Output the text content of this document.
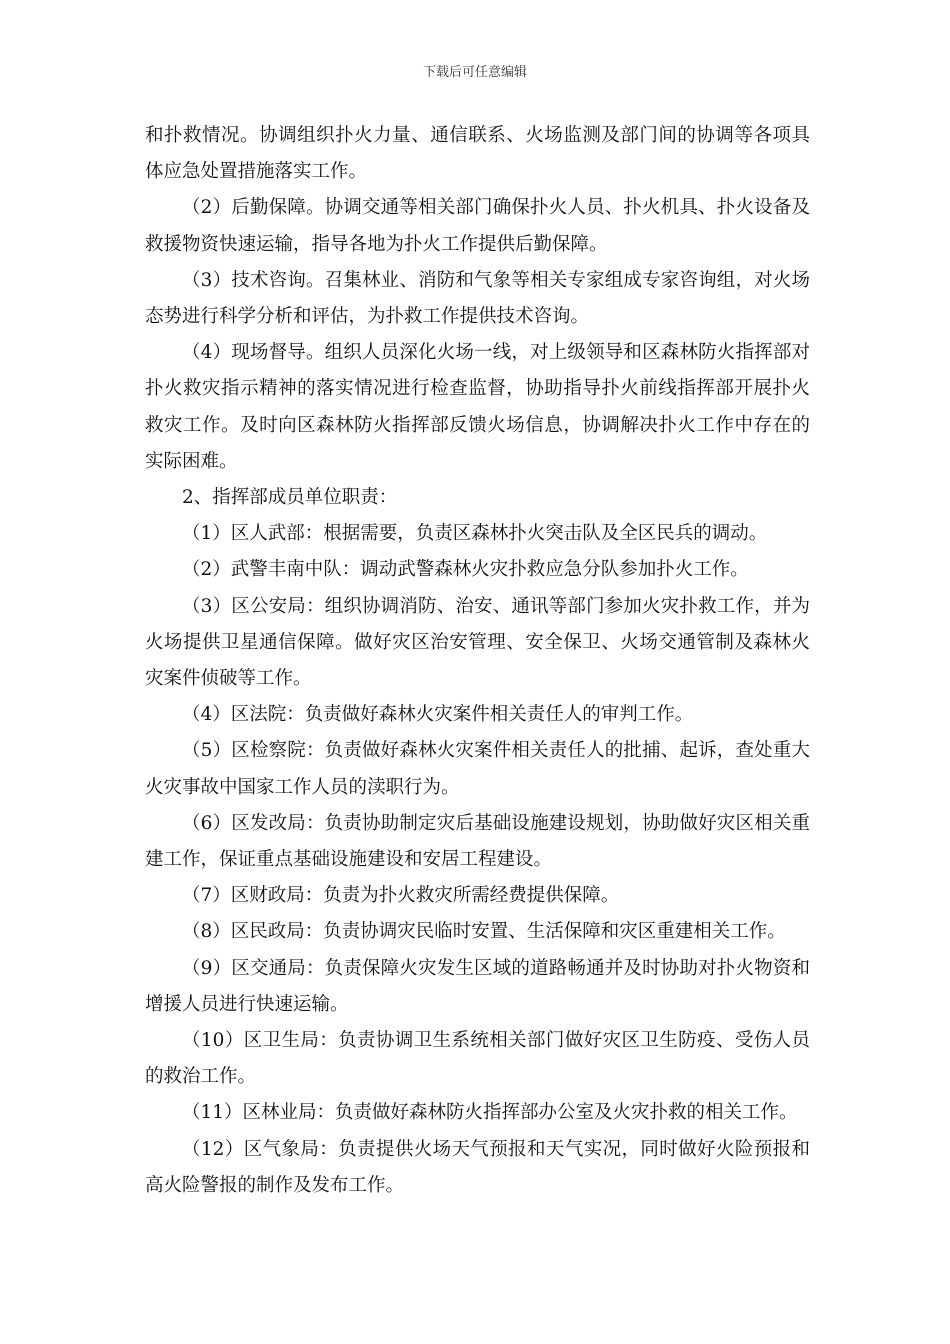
下载后可任意编辑

和扑救情况。协调组织扑火力量、通信联系、火场监测及部门间的协调等各项具体应急处置措施落实工作。

（2）后勤保障。协调交通等相关部门确保扑火人员、扑火机具、扑火设备及救援物资快速运输，指导各地为扑火工作提供后勤保障。

（3）技术咨询。召集林业、消防和气象等相关专家组成专家咨询组，对火场态势进行科学分析和评估，为扑救工作提供技术咨询。

（4）现场督导。组织人员深化火场一线，对上级领导和区森林防火指挥部对扑火救灾指示精神的落实情况进行检查监督，协助指导扑火前线指挥部开展扑火救灾工作。及时向区森林防火指挥部反馈火场信息，协调解决扑火工作中存在的实际困难。

2、指挥部成员单位职责：

（1）区人武部：根据需要，负责区森林扑火突击队及全区民兵的调动。

（2）武警丰南中队：调动武警森林火灾扑救应急分队参加扑火工作。

（3）区公安局：组织协调消防、治安、通讯等部门参加火灾扑救工作，并为火场提供卫星通信保障。做好灾区治安管理、安全保卫、火场交通管制及森林火灾案件侦破等工作。

（4）区法院：负责做好森林火灾案件相关责任人的审判工作。

（5）区检察院：负责做好森林火灾案件相关责任人的批捕、起诉，查处重大火灾事故中国家工作人员的渎职行为。

（6）区发改局：负责协助制定灾后基础设施建设规划，协助做好灾区相关重建工作，保证重点基础设施建设和安居工程建设。

（7）区财政局：负责为扑火救灾所需经费提供保障。

（8）区民政局：负责协调灾民临时安置、生活保障和灾区重建相关工作。

（9）区交通局：负责保障火灾发生区域的道路畅通并及时协助对扑火物资和增援人员进行快速运输。

（10）区卫生局：负责协调卫生系统相关部门做好灾区卫生防疫、受伤人员的救治工作。

（11）区林业局：负责做好森林防火指挥部办公室及火灾扑救的相关工作。

（12）区气象局：负责提供火场天气预报和天气实况，同时做好火险预报和高火险警报的制作及发布工作。
